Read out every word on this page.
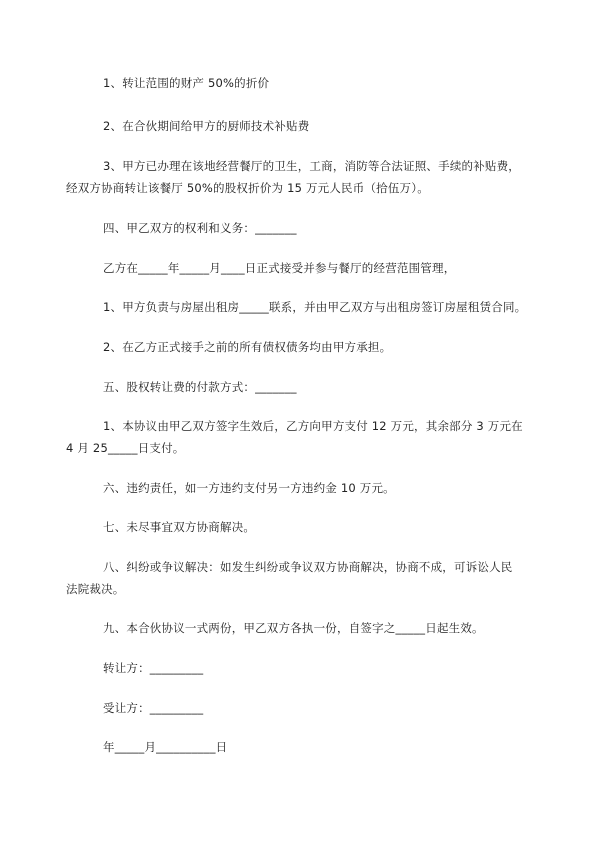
1、转让范围的财产 50%的折价
2、在合伙期间给甲方的厨师技术补贴费
3、甲方已办理在该地经营餐厅的卫生，工商，消防等合法证照、手续的补贴费，
经双方协商转让该餐厅 50%的股权折价为 15 万元人民币（拾伍万）。
四、甲乙双方的权利和义务：_______
乙方在_____年_____月____日正式接受并参与餐厅的经营范围管理，
1、甲方负责与房屋出租房_____联系，并由甲乙双方与出租房签订房屋租赁合同。
2、在乙方正式接手之前的所有债权债务均由甲方承担。
五、股权转让费的付款方式：_______
1、本协议由甲乙双方签字生效后，乙方向甲方支付 12 万元，其余部分 3 万元在
4 月 25_____日支付。
六、违约责任，如一方违约支付另一方违约金 10 万元。
七、未尽事宜双方协商解决。
八、纠纷或争议解决：如发生纠纷或争议双方协商解决，协商不成，可诉讼人民
法院裁决。
九、本合伙协议一式两份，甲乙双方各执一份，自签字之_____日起生效。
转让方：_________
受让方：_________
年_____月__________日
